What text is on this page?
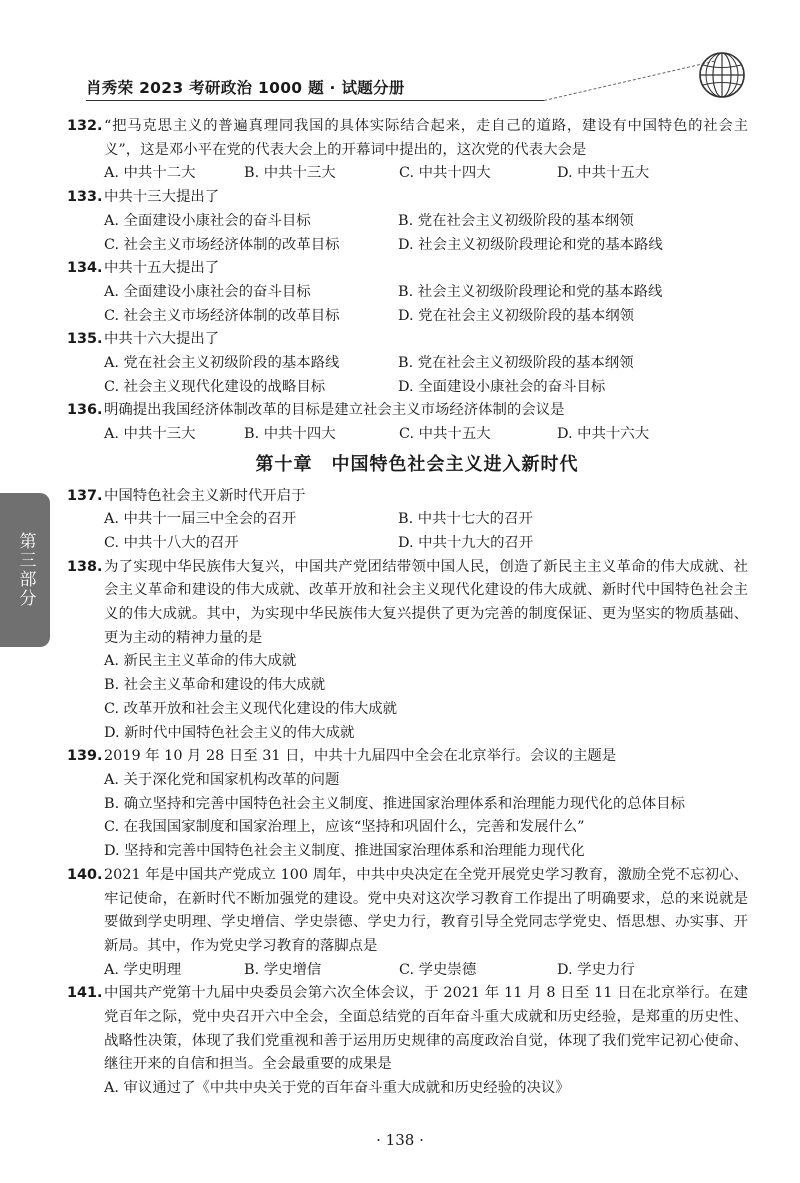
肖秀荣 2023 考研政治 1000 题 · 试题分册
第三部分
132. “把马克思主义的普遍真理同我国的具体实际结合起来，走自己的道路，建设有中国特色的社会主义”，这是邓小平在党的代表大会上的开幕词中提出的，这次党的代表大会是
A. 中共十二大	B. 中共十三大	C. 中共十四大	D. 中共十五大
133. 中共十三大提出了
A. 全面建设小康社会的奋斗目标	B. 党在社会主义初级阶段的基本纲领
C. 社会主义市场经济体制的改革目标	D. 社会主义初级阶段理论和党的基本路线
134. 中共十五大提出了
A. 全面建设小康社会的奋斗目标	B. 社会主义初级阶段理论和党的基本路线
C. 社会主义市场经济体制的改革目标	D. 党在社会主义初级阶段的基本纲领
135. 中共十六大提出了
A. 党在社会主义初级阶段的基本路线	B. 党在社会主义初级阶段的基本纲领
C. 社会主义现代化建设的战略目标	D. 全面建设小康社会的奋斗目标
136. 明确提出我国经济体制改革的目标是建立社会主义市场经济体制的会议是
A. 中共十三大	B. 中共十四大	C. 中共十五大	D. 中共十六大
第十章　中国特色社会主义进入新时代
137. 中国特色社会主义新时代开启于
A. 中共十一届三中全会的召开	B. 中共十七大的召开
C. 中共十八大的召开	D. 中共十九大的召开
138. 为了实现中华民族伟大复兴，中国共产党团结带领中国人民，创造了新民主主义革命的伟大成就、社会主义革命和建设的伟大成就、改革开放和社会主义现代化建设的伟大成就、新时代中国特色社会主义的伟大成就。其中，为实现中华民族伟大复兴提供了更为完善的制度保证、更为坚实的物质基础、更为主动的精神力量的是
A. 新民主主义革命的伟大成就
B. 社会主义革命和建设的伟大成就
C. 改革开放和社会主义现代化建设的伟大成就
D. 新时代中国特色社会主义的伟大成就
139. 2019 年 10 月 28 日至 31 日，中共十九届四中全会在北京举行。会议的主题是
A. 关于深化党和国家机构改革的问题
B. 确立坚持和完善中国特色社会主义制度、推进国家治理体系和治理能力现代化的总体目标
C. 在我国国家制度和国家治理上，应该“坚持和巩固什么，完善和发展什么”
D. 坚持和完善中国特色社会主义制度、推进国家治理体系和治理能力现代化
140. 2021 年是中国共产党成立 100 周年，中共中央决定在全党开展党史学习教育，激励全党不忘初心、牢记使命，在新时代不断加强党的建设。党中央对这次学习教育工作提出了明确要求，总的来说就是要做到学史明理、学史增信、学史崇德、学史力行，教育引导全党同志学党史、悟思想、办实事、开新局。其中，作为党史学习教育的落脚点是
A. 学史明理	B. 学史增信	C. 学史崇德	D. 学史力行
141. 中国共产党第十九届中央委员会第六次全体会议，于 2021 年 11 月 8 日至 11 日在北京举行。在建党百年之际，党中央召开六中全会，全面总结党的百年奋斗重大成就和历史经验，是郑重的历史性、战略性决策，体现了我们党重视和善于运用历史规律的高度政治自觉，体现了我们党牢记初心使命、继往开来的自信和担当。全会最重要的成果是
A. 审议通过了《中共中央关于党的百年奋斗重大成就和历史经验的决议》
· 138 ·
